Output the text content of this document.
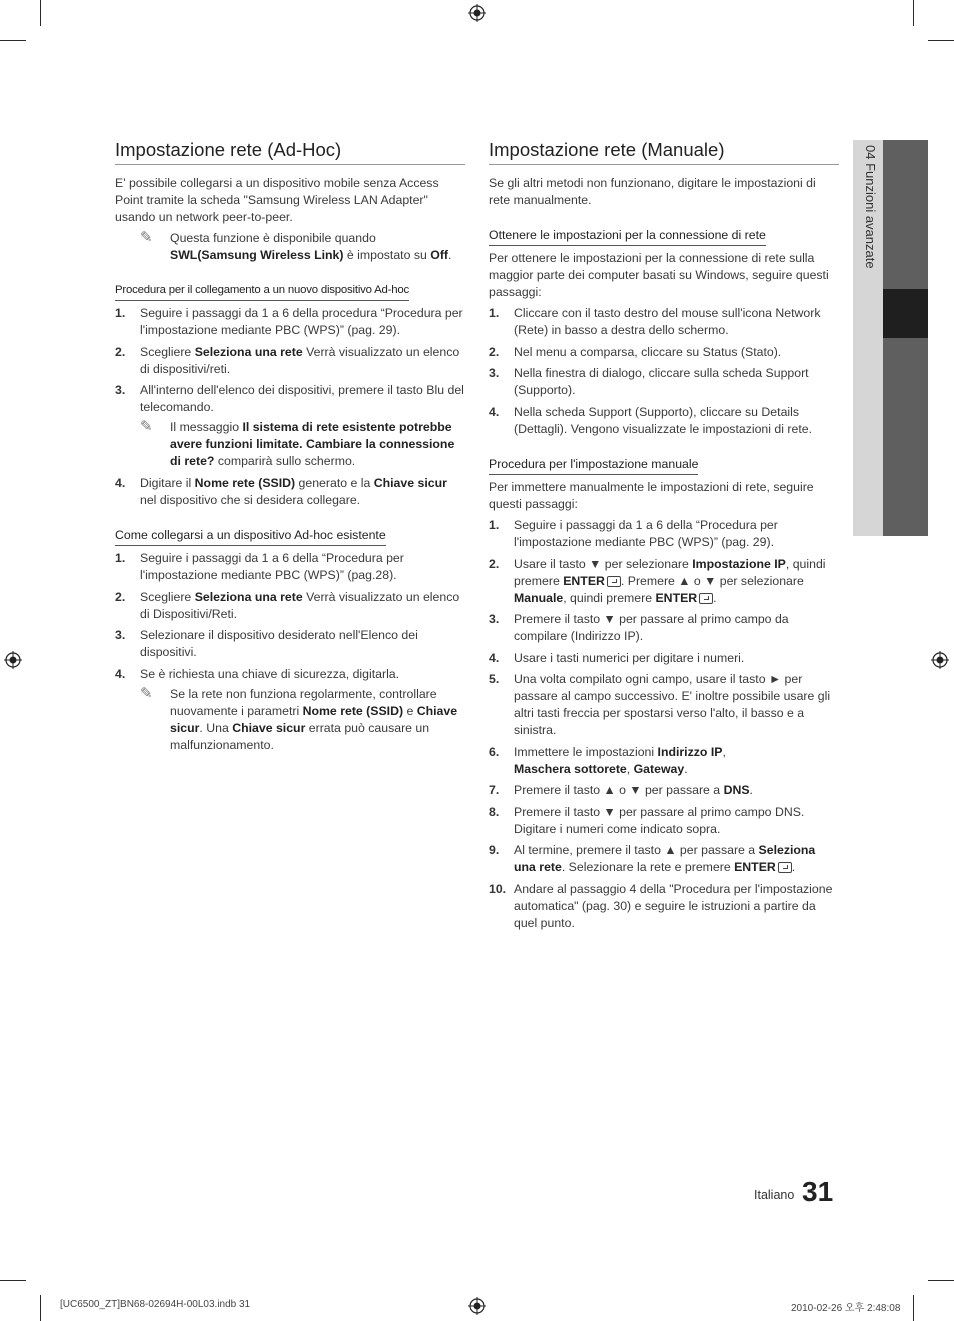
Impostazione rete (Ad-Hoc)

E' possibile collegarsi a un dispositivo mobile senza Access Point tramite la scheda "Samsung Wireless LAN Adapter" usando un network peer-to-peer.

✎ Questa funzione è disponibile quando SWL(Samsung Wireless Link) è impostato su Off.
Procedura per il collegamento a un nuovo dispositivo Ad-hoc
1. Seguire i passaggi da 1 a 6 della procedura “Procedura per l'impostazione mediante PBC (WPS)” (pag. 29).
2. Scegliere Seleziona una rete Verrà visualizzato un elenco di dispositivi/reti.
3. All'interno dell'elenco dei dispositivi, premere il tasto Blu del telecomando.
✎ Il messaggio Il sistema di rete esistente potrebbe avere funzioni limitate. Cambiare la connessione di rete? comparirà sullo schermo.
4. Digitare il Nome rete (SSID) generato e la Chiave sicur nel dispositivo che si desidera collegare.
Come collegarsi a un dispositivo Ad-hoc esistente
1. Seguire i passaggi da 1 a 6 della “Procedura per l'impostazione mediante PBC (WPS)” (pag.28).
2. Scegliere Seleziona una rete Verrà visualizzato un elenco di Dispositivi/Reti.
3. Selezionare il dispositivo desiderato nell'Elenco dei dispositivi.
4. Se è richiesta una chiave di sicurezza, digitarla.
✎ Se la rete non funziona regolarmente, controllare nuovamente i parametri Nome rete (SSID) e Chiave sicur. Una Chiave sicur errata può causare un malfunzionamento.
Impostazione rete (Manuale)

Se gli altri metodi non funzionano, digitare le impostazioni di rete manualmente.

Ottenere le impostazioni per la connessione di rete

Per ottenere le impostazioni per la connessione di rete sulla maggior parte dei computer basati su Windows, seguire questi passaggi:

1. Cliccare con il tasto destro del mouse sull'icona Network (Rete) in basso a destra dello schermo.
2. Nel menu a comparsa, cliccare su Status (Stato).
3. Nella finestra di dialogo, cliccare sulla scheda Support (Supporto).
4. Nella scheda Support (Supporto), cliccare su Details (Dettagli). Vengono visualizzate le impostazioni di rete.
Procedura per l'impostazione manuale

Per immettere manualmente le impostazioni di rete, seguire questi passaggi:

1. Seguire i passaggi da 1 a 6 della “Procedura per l'impostazione mediante PBC (WPS)” (pag. 29).
2. Usare il tasto ▼ per selezionare Impostazione IP, quindi premere ENTER . Premere ▲ o ▼ per selezionare Manuale, quindi premere ENTER .
3. Premere il tasto ▼ per passare al primo campo da compilare (Indirizzo IP).
4. Usare i tasti numerici per digitare i numeri.
5. Una volta compilato ogni campo, usare il tasto ► per passare al campo successivo. E' inoltre possibile usare gli altri tasti freccia per spostarsi verso l'alto, il basso e a sinistra.
6. Immettere le impostazioni Indirizzo IP,
Maschera sottorete, Gateway.
7. Premere il tasto ▲ o ▼ per passare a DNS.
8. Premere il tasto ▼ per passare al primo campo DNS. Digitare i numeri come indicato sopra.
9. Al termine, premere il tasto ▲ per passare a Seleziona una rete. Selezionare la rete e premere ENTER .
10. Andare al passaggio 4 della "Procedura per l'impostazione automatica" (pag. 30) e seguire le istruzioni a partire da quel punto.
04 Funzioni avanzate
Italiano 31
[UC6500_ZT]BN68-02694H-00L03.indb 31	2010-02-26 오후 2:48:08
